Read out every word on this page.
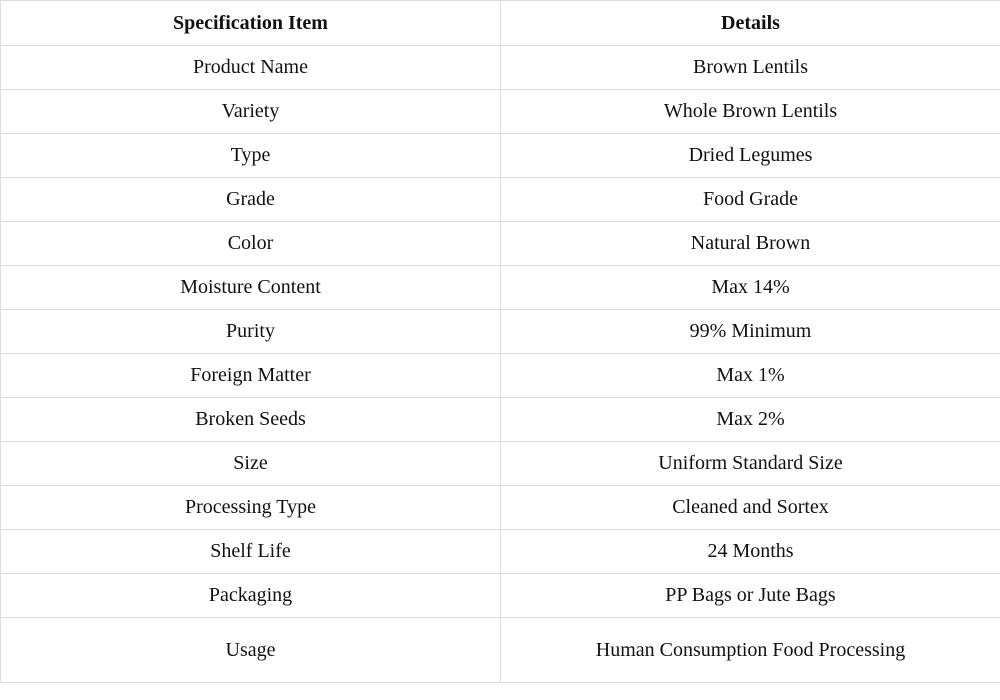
Specification Item	Details
Product Name	Brown Lentils
Variety	Whole Brown Lentils
Type	Dried Legumes
Grade	Food Grade
Color	Natural Brown
Moisture Content	Max 14%
Purity	99% Minimum
Foreign Matter	Max 1%
Broken Seeds	Max 2%
Size	Uniform Standard Size
Processing Type	Cleaned and Sortex
Shelf Life	24 Months
Packaging	PP Bags or Jute Bags
Usage	Human Consumption Food Processing
